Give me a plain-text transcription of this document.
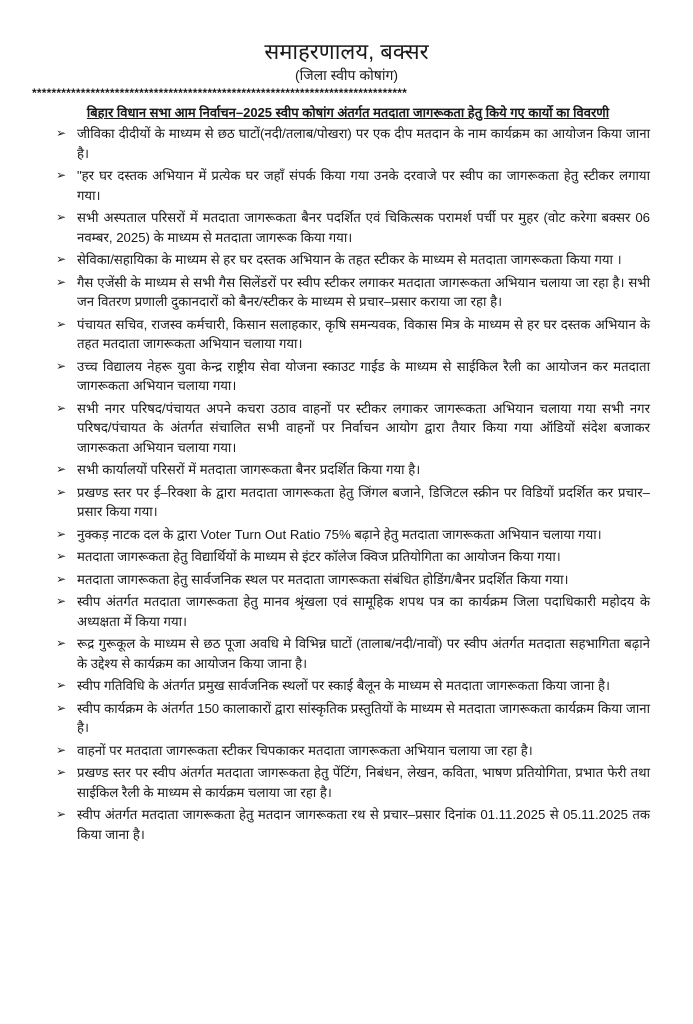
समाहरणालय, बक्सर
(जिला स्वीप कोषांग)
*****************************************************************************
बिहार विधान सभा आम निर्वाचन–2025 स्वीप कोषांग अंतर्गत मतदाता जागरूकता हेतु किये गए कार्यो का विवरणी
➢ जीविका दीदीयों के माध्यम से छठ घाटों(नदी/तलाब/पोखरा) पर एक दीप मतदान के नाम कार्यक्रम का आयोजन किया जाना है।
➢ "हर घर दस्तक अभियान में प्रत्येक घर जहाँ संपर्क किया गया उनके दरवाजे पर स्वीप का जागरूकता हेतु स्टीकर लगाया गया।
➢ सभी अस्पताल परिसरों में मतदाता जागरूकता बैनर पदर्शित एवं चिकित्सक परामर्श पर्ची पर मुहर (वोट करेगा बक्सर 06 नवम्बर, 2025) के माध्यम से मतदाता जागरूक किया गया।
➢ सेविका/सहायिका के माध्यम से हर घर दस्तक अभियान के तहत स्टीकर के माध्यम से मतदाता जागरूकता किया गया ।
➢ गैस एजेंसी के माध्यम से सभी गैस सिलेंडरों पर स्वीप स्टीकर लगाकर मतदाता जागरूकता अभियान चलाया जा रहा है। सभी जन वितरण प्रणाली दुकानदारों को बैनर/स्टीकर के माध्यम से प्रचार–प्रसार कराया जा रहा है।
➢ पंचायत सचिव, राजस्व कर्मचारी, किसान सलाहकार, कृषि समन्यवक, विकास मित्र के माध्यम से हर घर दस्तक अभियान के तहत मतदाता जागरूकता अभियान चलाया गया।
➢ उच्च विद्यालय नेहरू युवा केन्द्र राष्ट्रीय सेवा योजना स्काउट गाईड के माध्यम से साईकिल रैली का आयोजन कर मतदाता जागरूकता अभियान चलाया गया।
➢ सभी नगर परिषद/पंचायत अपने कचरा उठाव वाहनों पर स्टीकर लगाकर जागरूकता अभियान चलाया गया सभी नगर परिषद/पंचायत के अंतर्गत संचालित सभी वाहनों पर निर्वाचन आयोग द्वारा तैयार किया गया ऑडियों संदेश बजाकर जागरूकता अभियान चलाया गया।
➢ सभी कार्यालयों परिसरों में मतदाता जागरूकता बैनर प्रदर्शित किया गया है।
➢ प्रखण्ड स्तर पर ई–रिक्शा के द्वारा मतदाता जागरूकता हेतु जिंगल बजाने, डिजिटल स्क्रीन पर विडियों प्रदर्शित कर प्रचार–प्रसार किया गया।
➢ नुक्कड़ नाटक दल के द्वारा Voter Turn Out Ratio 75% बढ़ाने हेतु मतदाता जागरूकता अभियान चलाया गया।
➢ मतदाता जागरूकता हेतु विद्यार्थियों के माध्यम से इंटर कॉलेज क्विज प्रतियोगिता का आयोजन किया गया।
➢ मतदाता जागरूकता हेतु सार्वजनिक स्थल पर मतदाता जागरूकता संबंधित होडिंग/बैनर प्रदर्शित किया गया।
➢ स्वीप अंतर्गत मतदाता जागरूकता हेतु मानव श्रृंखला एवं सामूहिक शपथ पत्र का कार्यक्रम जिला पदाधिकारी महोदय के अध्यक्षता में किया गया।
➢ रूद्र गुरूकूल के माध्यम से छठ पूजा अवधि मे विभिन्न घाटों (तालाब/नदी/नावों) पर स्वीप अंतर्गत मतदाता सहभागिता बढ़ाने के उद्देश्य से कार्यक्रम का आयोजन किया जाना है।
➢ स्वीप गतिविधि के अंतर्गत प्रमुख सार्वजनिक स्थलों पर स्काई बैलून के माध्यम से मतदाता जागरूकता किया जाना है।
➢ स्वीप कार्यक्रम के अंतर्गत 150 कालाकारों द्वारा सांस्कृतिक प्रस्तुतियों के माध्यम से मतदाता जागरूकता कार्यक्रम किया जाना है।
➢ वाहनों पर मतदाता जागरूकता स्टीकर चिपकाकर मतदाता जागरूकता अभियान चलाया जा रहा है।
➢ प्रखण्ड स्तर पर स्वीप अंतर्गत मतदाता जागरूकता हेतु पेंटिंग, निबंधन, लेखन, कविता, भाषण प्रतियोगिता, प्रभात फेरी तथा साईकिल रैली के माध्यम से कार्यक्रम चलाया जा रहा है।
➢ स्वीप अंतर्गत मतदाता जागरूकता हेतु मतदान जागरूकता रथ से प्रचार–प्रसार दिनांक 01.11.2025 से 05.11.2025 तक किया जाना है।
